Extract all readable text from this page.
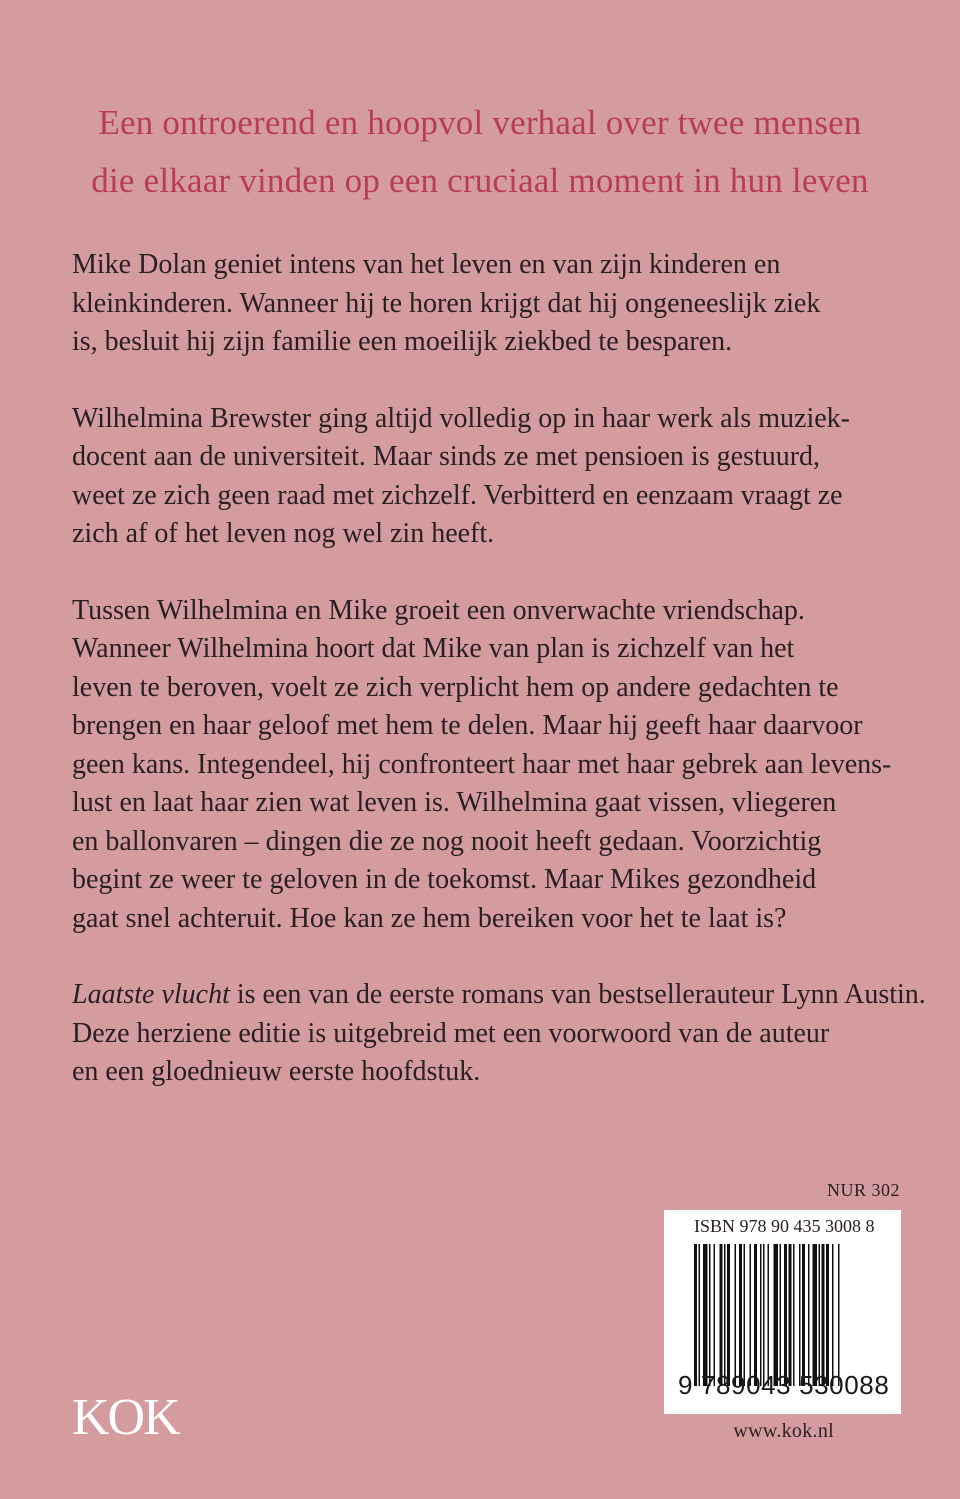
Een ontroerend en hoopvol verhaal over twee mensen
die elkaar vinden op een cruciaal moment in hun leven

Mike Dolan geniet intens van het leven en van zijn kinderen en
kleinkinderen. Wanneer hij te horen krijgt dat hij ongeneeslijk ziek
is, besluit hij zijn familie een moeilijk ziekbed te besparen.

Wilhelmina Brewster ging altijd volledig op in haar werk als muziek-
docent aan de universiteit. Maar sinds ze met pensioen is gestuurd,
weet ze zich geen raad met zichzelf. Verbitterd en eenzaam vraagt ze
zich af of het leven nog wel zin heeft.

Tussen Wilhelmina en Mike groeit een onverwachte vriendschap.
Wanneer Wilhelmina hoort dat Mike van plan is zichzelf van het
leven te beroven, voelt ze zich verplicht hem op andere gedachten te
brengen en haar geloof met hem te delen. Maar hij geeft haar daarvoor
geen kans. Integendeel, hij confronteert haar met haar gebrek aan levens-
lust en laat haar zien wat leven is. Wilhelmina gaat vissen, vliegeren
en ballonvaren – dingen die ze nog nooit heeft gedaan. Voorzichtig
begint ze weer te geloven in de toekomst. Maar Mikes gezondheid
gaat snel achteruit. Hoe kan ze hem bereiken voor het te laat is?

Laatste vlucht is een van de eerste romans van bestsellerauteur Lynn Austin.
Deze herziene editie is uitgebreid met een voorwoord van de auteur
en een gloednieuw eerste hoofdstuk.

NUR 302
ISBN 978 90 435 3008 8
9 789043 530088
KOK	www.kok.nl
